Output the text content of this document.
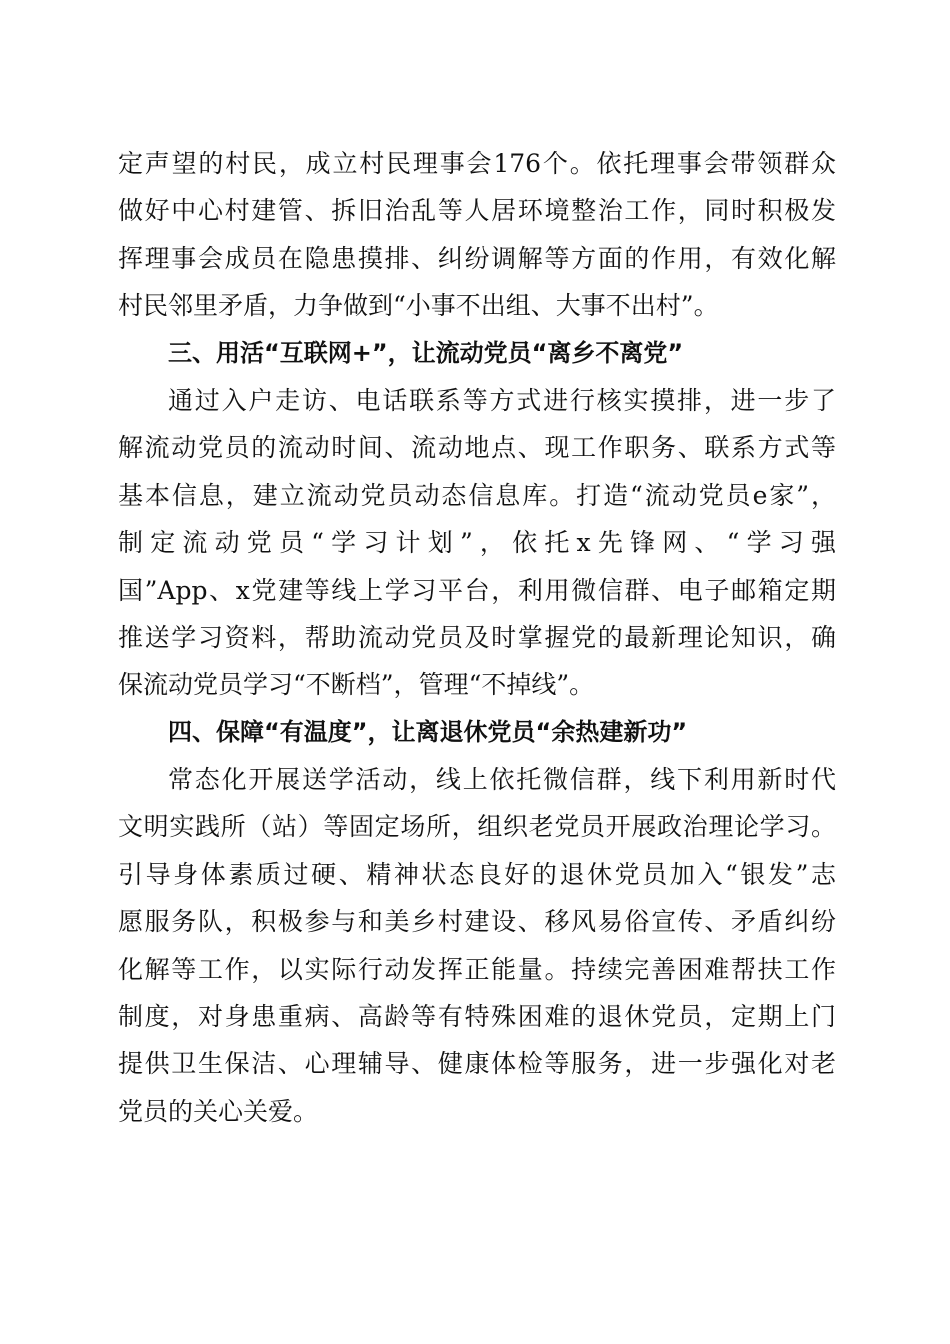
定声望的村民，成立村民理事会176个。依托理事会带领群众
做好中心村建管、拆旧治乱等人居环境整治工作，同时积极发
挥理事会成员在隐患摸排、纠纷调解等方面的作用，有效化解
村民邻里矛盾，力争做到“小事不出组、大事不出村”。
三、用活“互联网+”，让流动党员“离乡不离党”
通过入户走访、电话联系等方式进行核实摸排，进一步了
解流动党员的流动时间、流动地点、现工作职务、联系方式等
基本信息，建立流动党员动态信息库。打造“流动党员e家”，
制定流动党员“学习计划”，依托x先锋网、“学习强
国”App、x党建等线上学习平台，利用微信群、电子邮箱定期
推送学习资料，帮助流动党员及时掌握党的最新理论知识，确
保流动党员学习“不断档”，管理“不掉线”。
四、保障“有温度”，让离退休党员“余热建新功”
常态化开展送学活动，线上依托微信群，线下利用新时代
文明实践所（站）等固定场所，组织老党员开展政治理论学习。
引导身体素质过硬、精神状态良好的退休党员加入“银发”志
愿服务队，积极参与和美乡村建设、移风易俗宣传、矛盾纠纷
化解等工作，以实际行动发挥正能量。持续完善困难帮扶工作
制度，对身患重病、高龄等有特殊困难的退休党员，定期上门
提供卫生保洁、心理辅导、健康体检等服务，进一步强化对老
党员的关心关爱。
